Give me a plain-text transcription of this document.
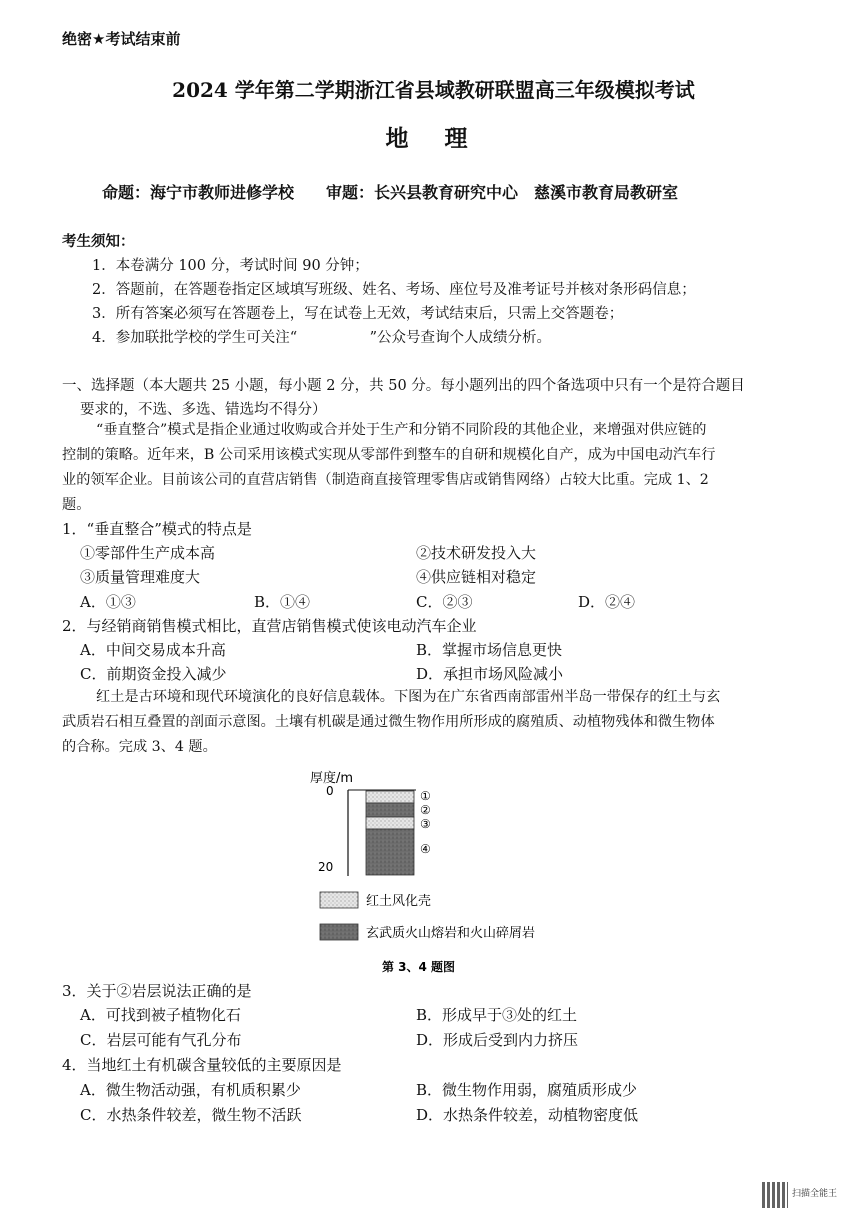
绝密★考试结束前
2024 学年第二学期浙江省县域教研联盟高三年级模拟考试
地 理
命题：海宁市教师进修学校　　审题：长兴县教育研究中心　慈溪市教育局教研室
考生须知：
1．本卷满分 100 分，考试时间 90 分钟；
2．答题前，在答题卷指定区域填写班级、姓名、考场、座位号及准考证号并核对条形码信息；
3．所有答案必须写在答题卷上，写在试卷上无效，考试结束后，只需上交答题卷；
4．参加联批学校的学生可关注“　　　　　”公众号查询个人成绩分析。
一、选择题（本大题共 25 小题，每小题 2 分，共 50 分。每小题列出的四个备选项中只有一个是符合题目
要求的，不选、多选、错选均不得分）
“垂直整合”模式是指企业通过收购或合并处于生产和分销不同阶段的其他企业，来增强对供应链的
控制的策略。近年来，B 公司采用该模式实现从零部件到整车的自研和规模化自产，成为中国电动汽车行
业的领军企业。目前该公司的直营店销售（制造商直接管理零售店或销售网络）占较大比重。完成 1、2
题。
1．“垂直整合”模式的特点是
①零部件生产成本高	②技术研发投入大
③质量管理难度大	④供应链相对稳定
A．①③	B．①④	C．②③	D．②④
2．与经销商销售模式相比，直营店销售模式使该电动汽车企业
A．中间交易成本升高	B．掌握市场信息更快
C．前期资金投入减少	D．承担市场风险减小
红土是古环境和现代环境演化的良好信息载体。下图为在广东省西南部雷州半岛一带保存的红土与玄
武质岩石相互叠置的剖面示意图。土壤有机碳是通过微生物作用所形成的腐殖质、动植物残体和微生物体
的合称。完成 3、4 题。
厚度/m
0
20
①
②
③
④
红土风化壳
玄武质火山熔岩和火山碎屑岩
第 3、4 题图
3．关于②岩层说法正确的是
A．可找到被子植物化石	B．形成早于③处的红土
C．岩层可能有气孔分布	D．形成后受到内力挤压
4．当地红土有机碳含量较低的主要原因是
A．微生物活动强，有机质积累少	B．微生物作用弱，腐殖质形成少
C．水热条件较差，微生物不活跃	D．水热条件较差，动植物密度低
扫描全能王
